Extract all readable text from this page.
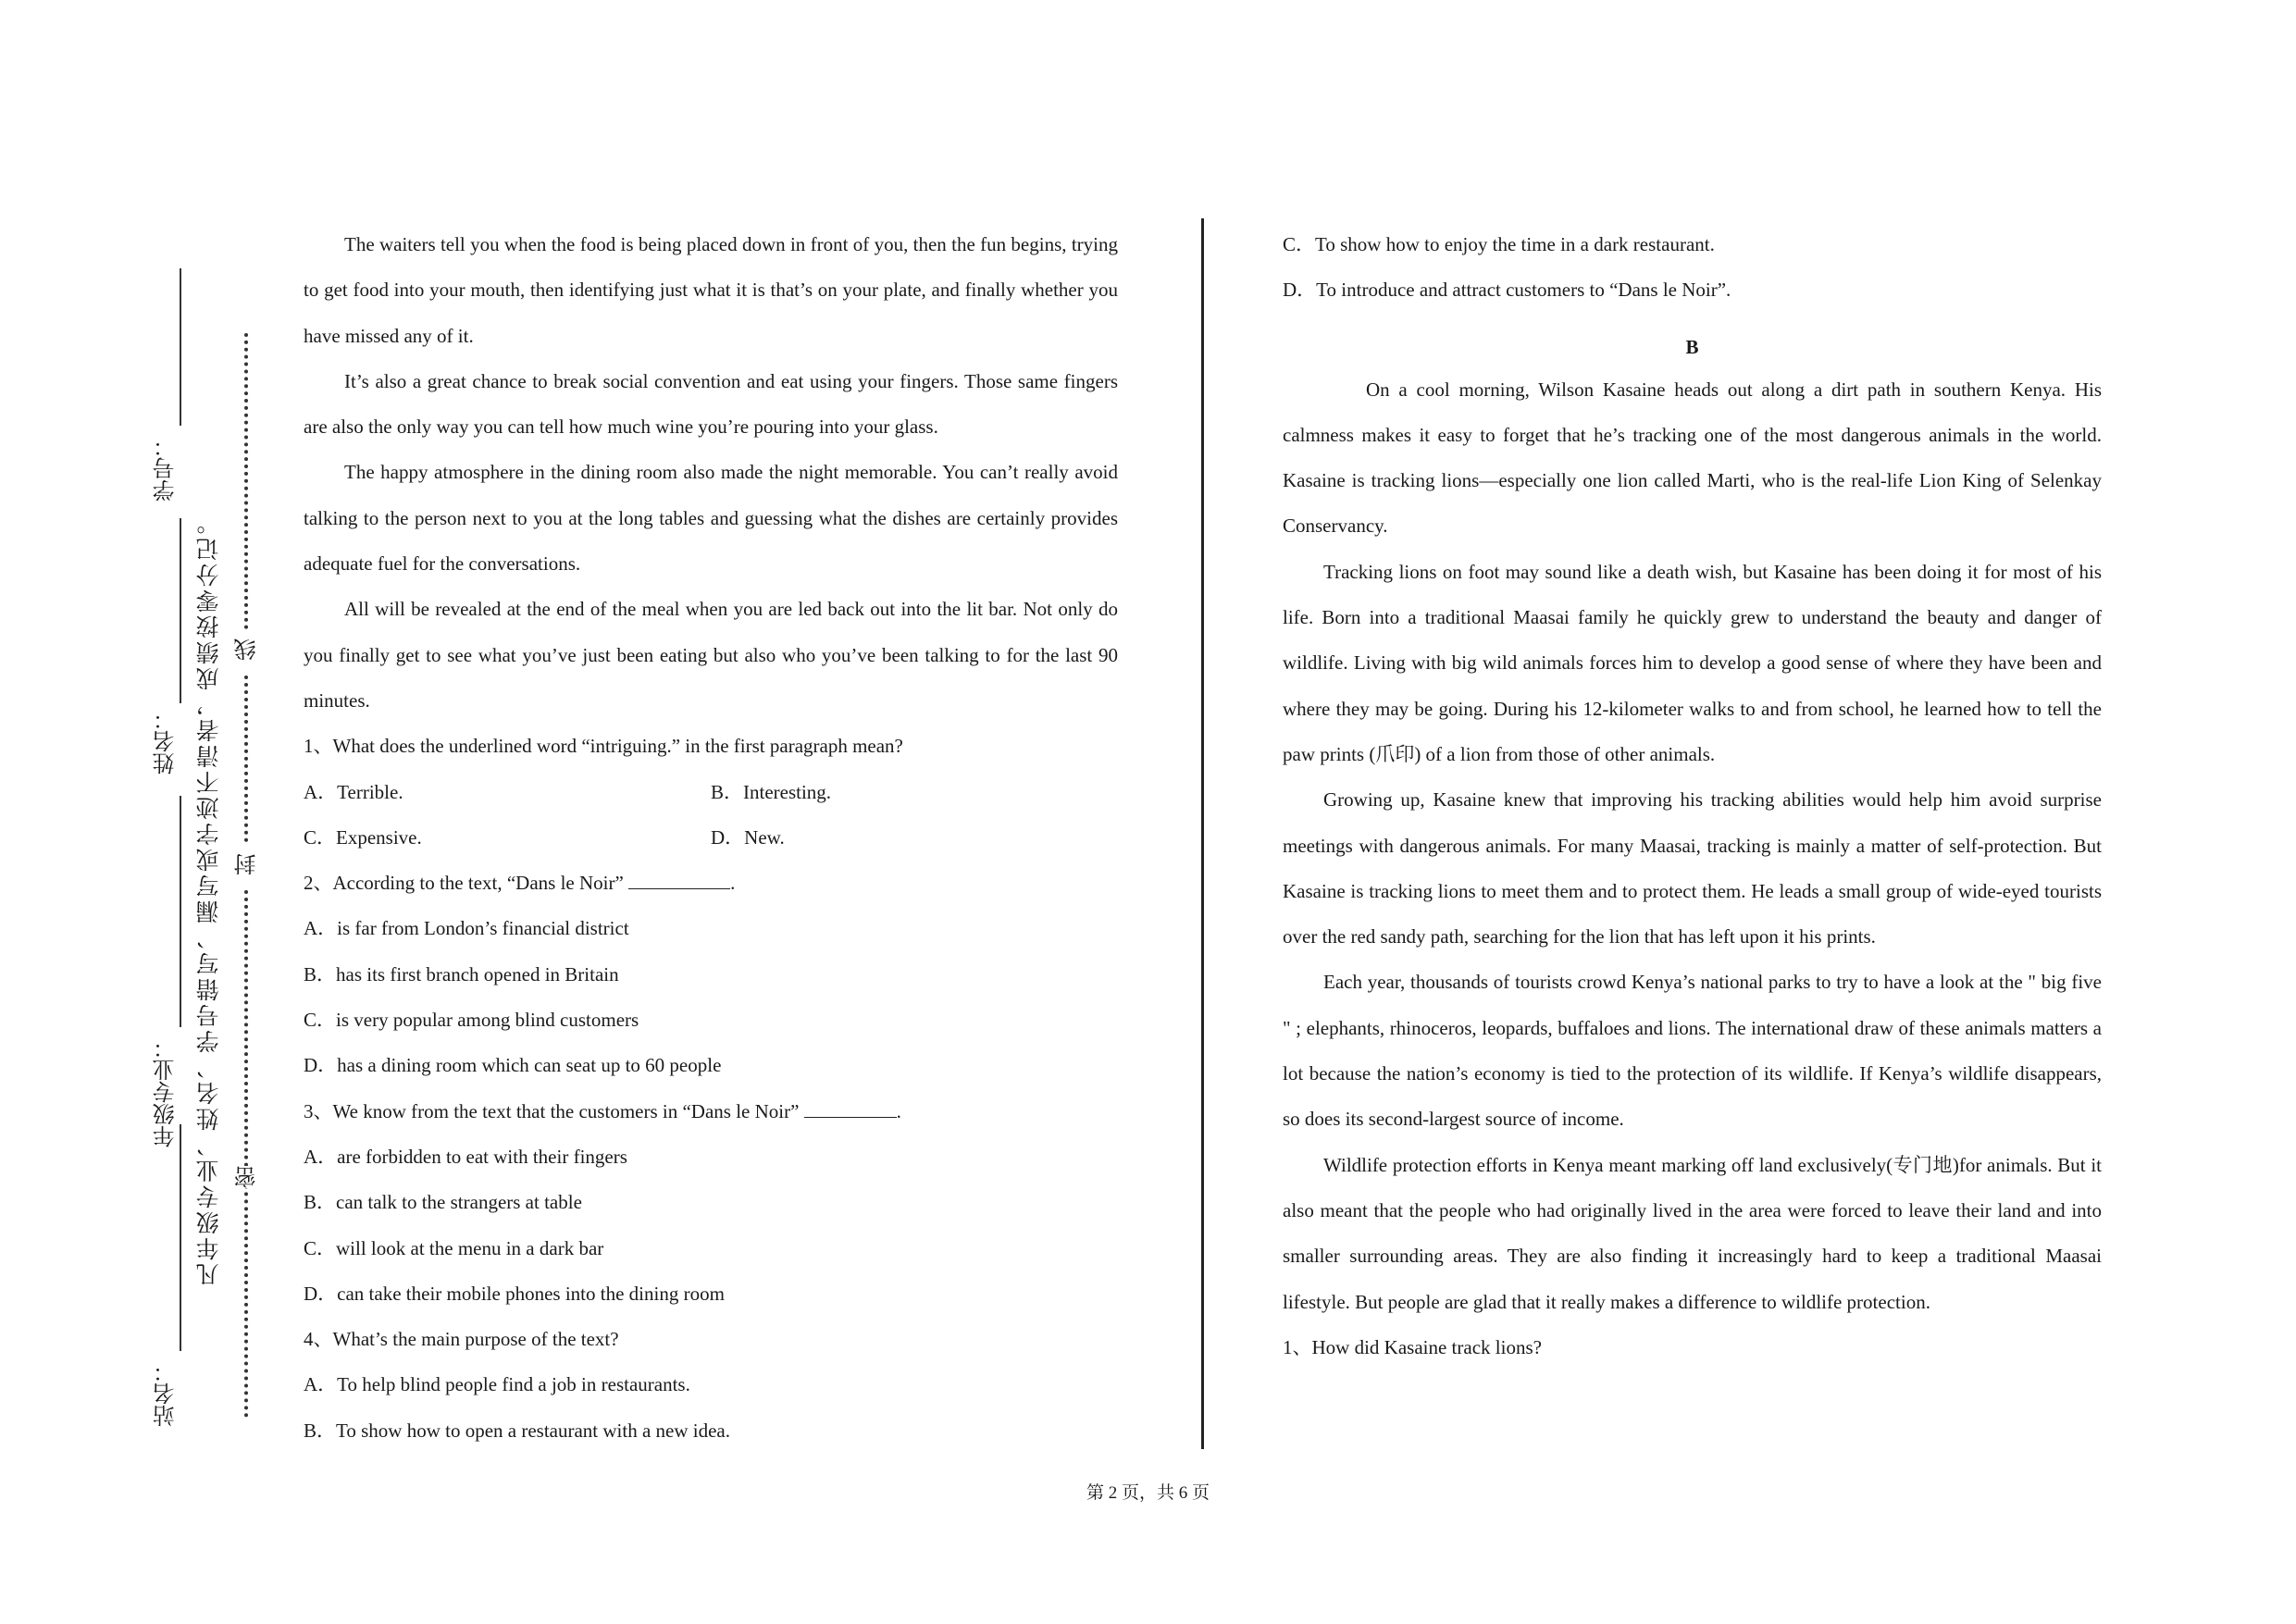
学号：
姓名：
年级专业：
站名：
凡年级专业、姓名、学号错写、漏写或字迹不清者，成绩按零分记。 线
封
密

The waiters tell you when the food is being placed down in front of you, then the fun begins, trying to get food into your mouth, then identifying just what it is that’s on your plate, and finally whether you have missed any of it.

It’s also a great chance to break social convention and eat using your fingers. Those same fingers are also the only way you can tell how much wine you’re pouring into your glass.

The happy atmosphere in the dining room also made the night memorable. You can’t really avoid talking to the person next to you at the long tables and guessing what the dishes are certainly provides adequate fuel for the conversations.

All will be revealed at the end of the meal when you are led back out into the lit bar. Not only do you finally get to see what you’ve just been eating but also who you’ve been talking to for the last 90 minutes.

1、What does the underlined word “intriguing.” in the first paragraph mean?

A．Terrible.	B．Interesting.
C．Expensive.	D．New.

2、According to the text, “Dans le Noir”	.

A．is far from London’s financial district

B．has its first branch opened in Britain

C．is very popular among blind customers

D．has a dining room which can seat up to 60 people

3、We know from the text that the customers in “Dans le Noir”	.

A．are forbidden to eat with their fingers

B．can talk to the strangers at table

C．will look at the menu in a dark bar

D．can take their mobile phones into the dining room

4、What’s the main purpose of the text?

A．To help blind people find a job in restaurants.

B．To show how to open a restaurant with a new idea.

C．To show how to enjoy the time in a dark restaurant.

D．To introduce and attract customers to “Dans le Noir”.

B

On a cool morning, Wilson Kasaine heads out along a dirt path in southern Kenya. His calmness makes it easy to forget that he’s tracking one of the most dangerous animals in the world. Kasaine is tracking lions—especially one lion called Marti, who is the real-life Lion King of Selenkay Conservancy.

Tracking lions on foot may sound like a death wish, but Kasaine has been doing it for most of his life. Born into a traditional Maasai family he quickly grew to understand the beauty and danger of wildlife. Living with big wild animals forces him to develop a good sense of where they have been and where they may be going. During his 12-kilometer walks to and from school, he learned how to tell the paw prints (爪印) of a lion from those of other animals.

Growing up, Kasaine knew that improving his tracking abilities would help him avoid surprise meetings with dangerous animals. For many Maasai, tracking is mainly a matter of self-protection. But Kasaine is tracking lions to meet them and to protect them. He leads a small group of wide-eyed tourists over the red sandy path, searching for the lion that has left upon it his prints.

Each year, thousands of tourists crowd Kenya’s national parks to try to have a look at the " big five " ; elephants, rhinoceros, leopards, buffaloes and lions. The international draw of these animals matters a lot because the nation’s economy is tied to the protection of its wildlife. If Kenya’s wildlife disappears, so does its second-largest source of income.

Wildlife protection efforts in Kenya meant marking off land exclusively(专门地)for animals. But it also meant that the people who had originally lived in the area were forced to leave their land and into smaller surrounding areas. They are also finding it increasingly hard to keep a traditional Maasai lifestyle. But people are glad that it really makes a difference to wildlife protection.

1、How did Kasaine track lions?

第 2 页，共 6 页
